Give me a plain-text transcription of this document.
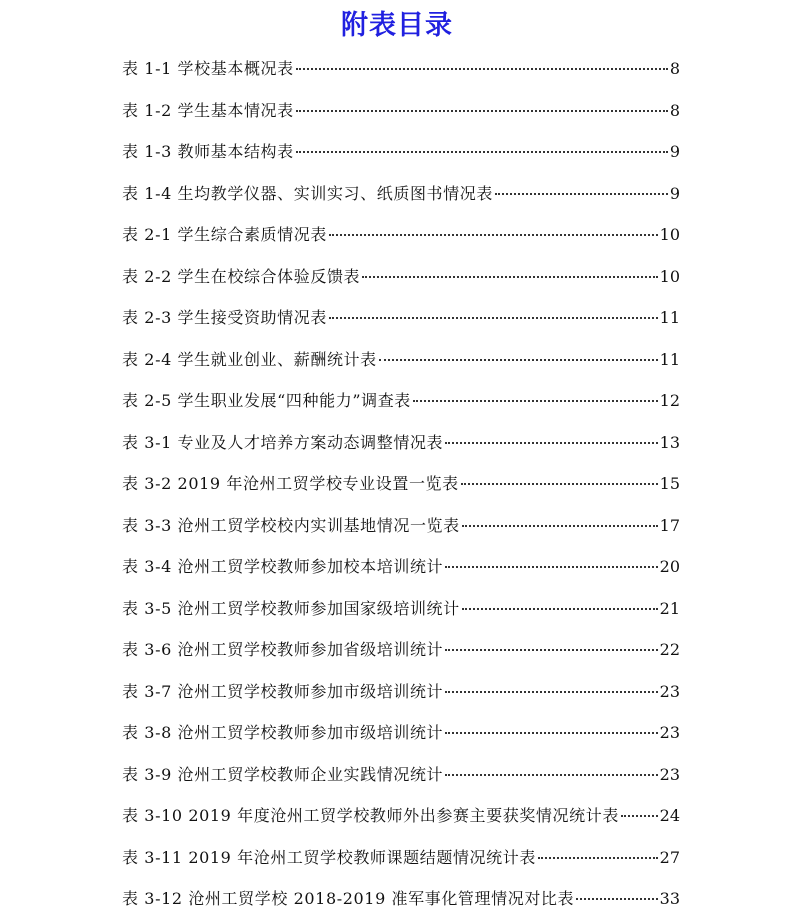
附表目录
表 1-1 学校基本概况表	8
表 1-2 学生基本情况表	8
表 1-3 教师基本结构表	9
表 1-4 生均教学仪器、实训实习、纸质图书情况表	9
表 2-1 学生综合素质情况表	10
表 2-2 学生在校综合体验反馈表	10
表 2-3 学生接受资助情况表	11
表 2-4 学生就业创业、薪酬统计表	11
表 2-5 学生职业发展“四种能力”调查表	12
表 3-1 专业及人才培养方案动态调整情况表	13
表 3-2 2019 年沧州工贸学校专业设置一览表	15
表 3-3 沧州工贸学校校内实训基地情况一览表	17
表 3-4 沧州工贸学校教师参加校本培训统计	20
表 3-5 沧州工贸学校教师参加国家级培训统计	21
表 3-6 沧州工贸学校教师参加省级培训统计	22
表 3-7 沧州工贸学校教师参加市级培训统计	23
表 3-8 沧州工贸学校教师参加市级培训统计	23
表 3-9 沧州工贸学校教师企业实践情况统计	23
表 3-10 2019 年度沧州工贸学校教师外出参赛主要获奖情况统计表	24
表 3-11 2019 年沧州工贸学校教师课题结题情况统计表	27
表 3-12 沧州工贸学校 2018-2019 准军事化管理情况对比表	33
